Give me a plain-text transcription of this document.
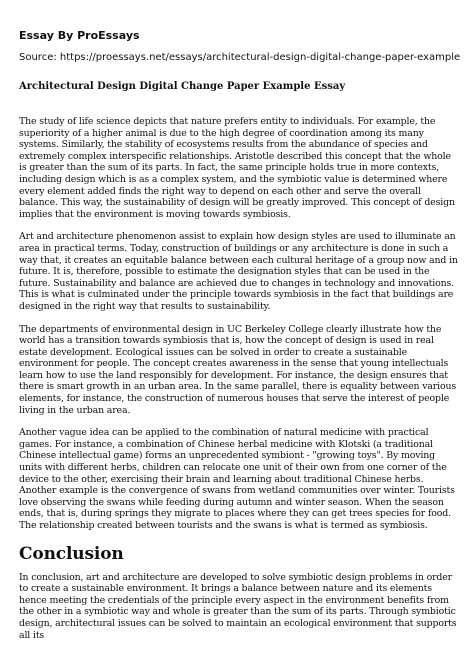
Essay By ProEssays
Source: https://proessays.net/essays/architectural-design-digital-change-paper-example
Architectural Design Digital Change Paper Example Essay

The study of life science depicts that nature prefers entity to individuals. For example, the superiority of a higher animal is due to the high degree of coordination among its many systems. Similarly, the stability of ecosystems results from the abundance of species and extremely complex interspecific relationships. Aristotle described this concept that the whole is greater than the sum of its parts. In fact, the same principle holds true in more contexts, including design which is as a complex system, and the symbiotic value is determined where every element added finds the right way to depend on each other and serve the overall balance. This way, the sustainability of design will be greatly improved. This concept of design implies that the environment is moving towards symbiosis.

Art and architecture phenomenon assist to explain how design styles are used to illuminate an area in practical terms. Today, construction of buildings or any architecture is done in such a way that, it creates an equitable balance between each cultural heritage of a group now and in future. It is, therefore, possible to estimate the designation styles that can be used in the future. Sustainability and balance are achieved due to changes in technology and innovations. This is what is culminated under the principle towards symbiosis in the fact that buildings are designed in the right way that results to sustainability.

The departments of environmental design in UC Berkeley College clearly illustrate how the world has a transition towards symbiosis that is, how the concept of design is used in real estate development. Ecological issues can be solved in order to create a sustainable environment for people. The concept creates awareness in the sense that young intellectuals learn how to use the land responsibly for development. For instance, the design ensures that there is smart growth in an urban area. In the same parallel, there is equality between various elements, for instance, the construction of numerous houses that serve the interest of people living in the urban area.

Another vague idea can be applied to the combination of natural medicine with practical games. For instance, a combination of Chinese herbal medicine with Klotski (a traditional Chinese intellectual game) forms an unprecedented symbiont - "growing toys". By moving units with different herbs, children can relocate one unit of their own from one corner of the device to the other, exercising their brain and learning about traditional Chinese herbs. Another example is the convergence of swans from wetland communities over winter. Tourists love observing the swans while feeding during autumn and winter season. When the season ends, that is, during springs they migrate to places where they can get trees species for food. The relationship created between tourists and the swans is what is termed as symbiosis.

Conclusion

In conclusion, art and architecture are developed to solve symbiotic design problems in order to create a sustainable environment. It brings a balance between nature and its elements hence meeting the credentials of the principle every aspect in the environment benefits from the other in a symbiotic way and whole is greater than the sum of its parts. Through symbiotic design, architectural issues can be solved to maintain an ecological environment that supports all its
